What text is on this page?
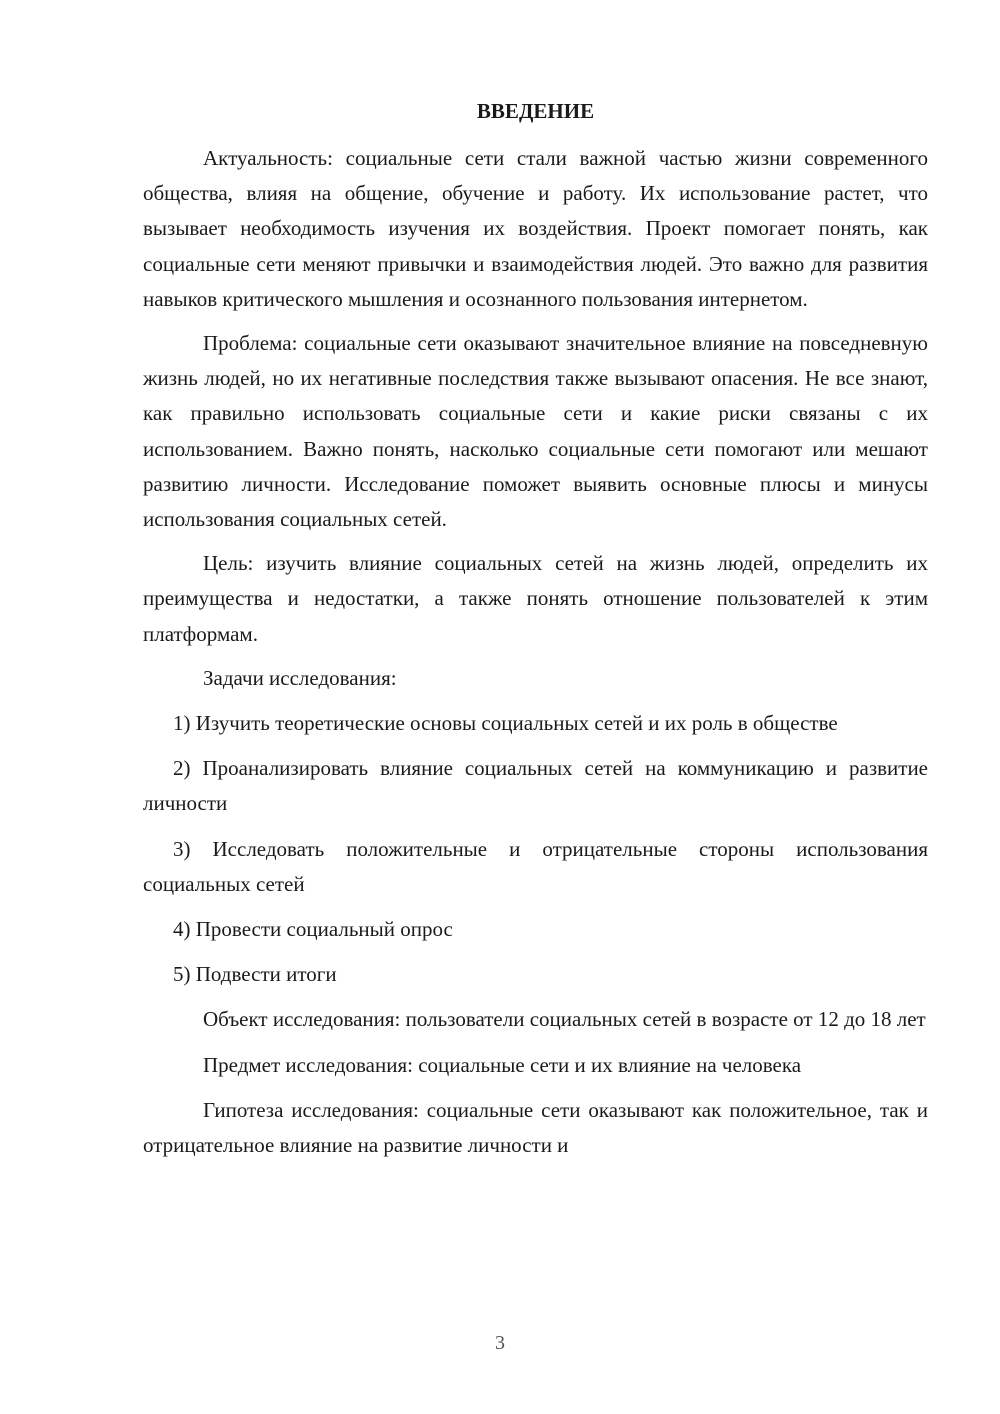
ВВЕДЕНИЕ

Актуальность: социальные сети стали важной частью жизни современного общества, влияя на общение, обучение и работу. Их использование растет, что вызывает необходимость изучения их воздействия. Проект помогает понять, как социальные сети меняют привычки и взаимодействия людей. Это важно для развития навыков критического мышления и осознанного пользования интернетом.

Проблема: социальные сети оказывают значительное влияние на повседневную жизнь людей, но их негативные последствия также вызывают опасения. Не все знают, как правильно использовать социальные сети и какие риски связаны с их использованием. Важно понять, насколько социальные сети помогают или мешают развитию личности. Исследование поможет выявить основные плюсы и минусы использования социальных сетей.

Цель: изучить влияние социальных сетей на жизнь людей, определить их преимущества и недостатки, а также понять отношение пользователей к этим платформам.

Задачи исследования:

1) Изучить теоретические основы социальных сетей и их роль в обществе

2) Проанализировать влияние социальных сетей на коммуникацию и развитие личности

3) Исследовать положительные и отрицательные стороны использования социальных сетей

4) Провести социальный опрос

5) Подвести итоги

Объект исследования: пользователи социальных сетей в возрасте от 12 до 18 лет

Предмет исследования: социальные сети и их влияние на человека

Гипотеза исследования: социальные сети оказывают как положительное, так и отрицательное влияние на развитие личности и

3
